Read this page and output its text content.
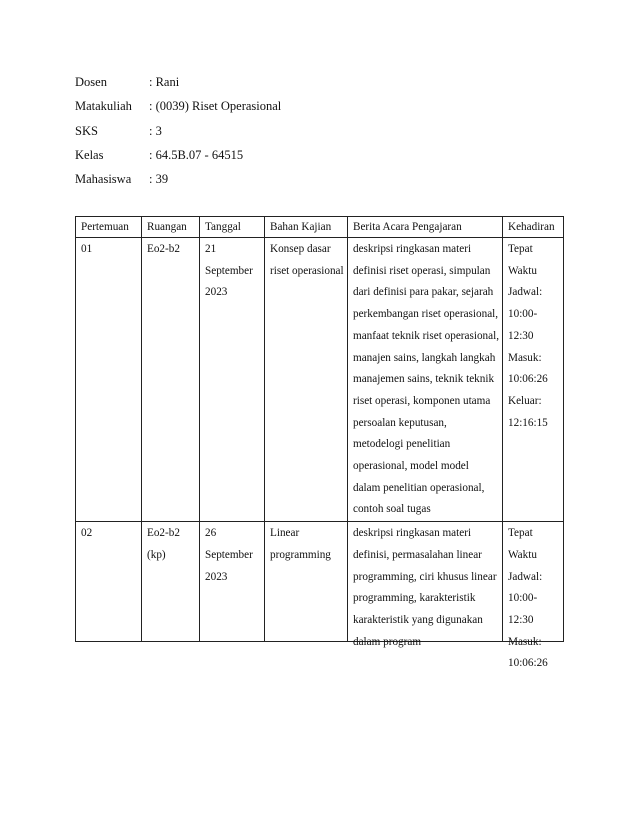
Dosen	: Rani
Matakuliah	: (0039) Riset Operasional
SKS	: 3
Kelas	: 64.5B.07 - 64515
Mahasiswa	: 39
Pertemuan	Ruangan	Tanggal	Bahan Kajian	Berita Acara Pengajaran	Kehadiran
01	Eo2-b2	21 September 2023	Konsep dasar riset operasional	deskripsi ringkasan materi definisi riset operasi, simpulan dari definisi para pakar, sejarah perkembangan riset operasional, manfaat teknik riset operasional, manajen sains, langkah langkah manajemen sains, teknik teknik riset operasi, komponen utama persoalan keputusan, metodelogi penelitian operasional, model model dalam penelitian operasional, contoh soal tugas	Tepat Waktu Jadwal: 10:00-12:30 Masuk: 10:06:26 Keluar: 12:16:15

02	Eo2-b2 (kp)	26 September 2023	Linear programming	deskripsi ringkasan materi definisi, permasalahan linear programming, ciri khusus linear programming, karakteristik karakteristik yang digunakan dalam program	Tepat Waktu Jadwal: 10:00-12:30 Masuk: 10:06:26
